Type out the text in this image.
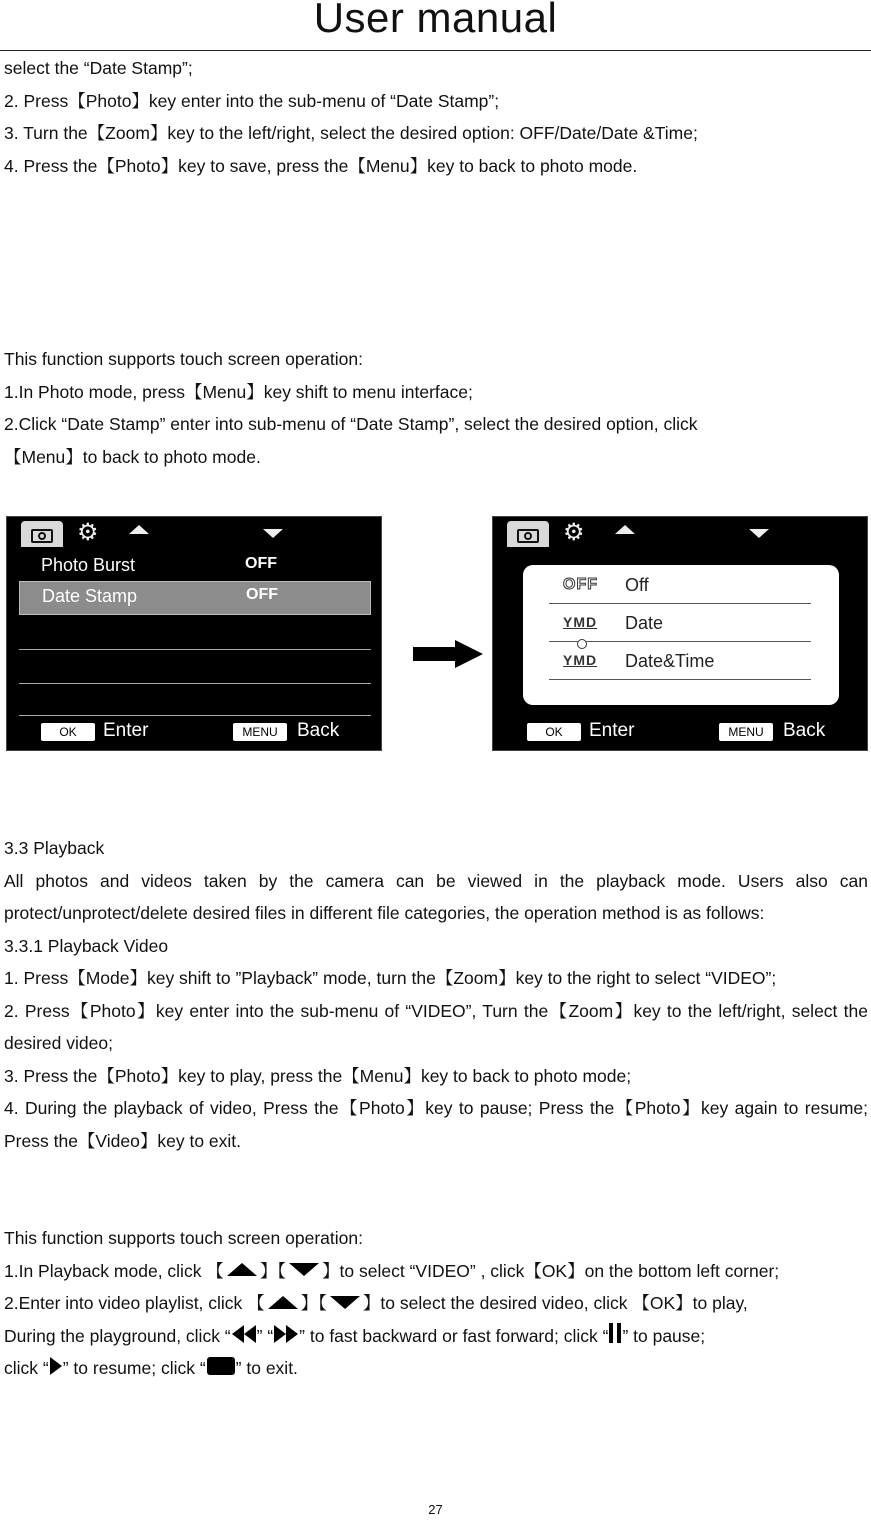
User manual

select the “Date Stamp”;

2. Press【Photo】key enter into the sub-menu of “Date Stamp”;

3. Turn the【Zoom】key to the left/right, select the desired option: OFF/Date/Date &Time;

4. Press the【Photo】key to save, press the【Menu】key to back to photo mode.

This function supports touch screen operation:

1.In Photo mode, press【Menu】key shift to menu interface;

2.Click “Date Stamp” enter into sub-menu of “Date Stamp”, select the desired option, click

【Menu】to back to photo mode.

⚙
Photo Burst	OFF
Date Stamp	OFF
OK	Enter	MENU	Back
⚙
OFF Off
YMD Date
YMD Date&Time
OK	Enter	MENU	Back

3.3 Playback

All photos and videos taken by the camera can be viewed in the playback mode. Users also can protect/unprotect/delete desired files in different file categories, the operation method is as follows:

3.3.1 Playback Video

1. Press【Mode】key shift to ”Playback” mode, turn the【Zoom】key to the right to select “VIDEO”;

2. Press【Photo】key enter into the sub-menu of “VIDEO”, Turn the【Zoom】key to the left/right, select the desired video;

3. Press the【Photo】key to play, press the【Menu】key to back to photo mode;

4. During the playback of video, Press the【Photo】key to pause; Press the【Photo】key again to resume; Press the【Video】key to exit.

This function supports touch screen operation:

1.In Playback mode, click 【 】【 】to select “VIDEO” , click【OK】on the bottom left corner;

2.Enter into video playlist, click 【 】【 】to select the desired video, click 【OK】to play,

During the playground, click “ ” “ ” to fast backward or fast forward; click “ ” to pause;

click “ ” to resume; click “ ” to exit.

27
